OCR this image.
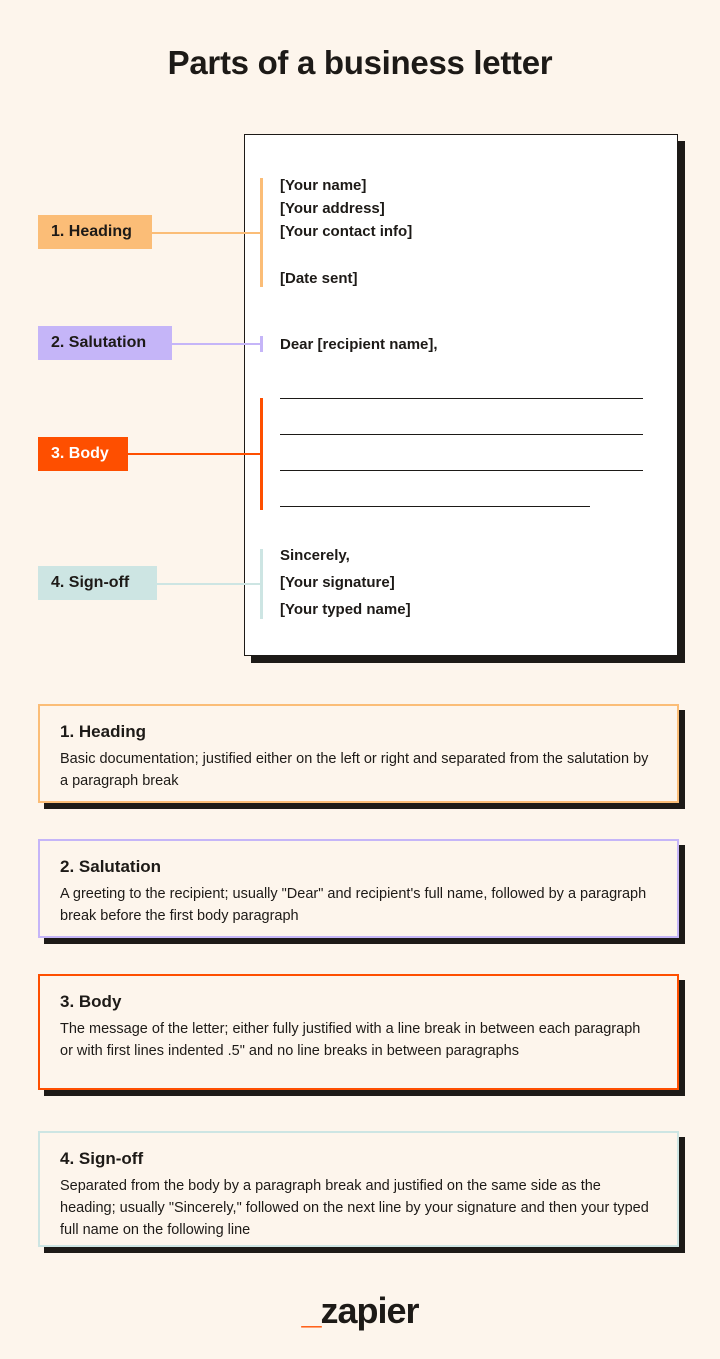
Parts of a business letter
[Your name]
[Your address]
[Your contact info]
[Date sent]
Dear [recipient name],
Sincerely,
[Your signature]
[Your typed name]
1. Heading
2. Salutation
3. Body
4. Sign-off
1. Heading
Basic documentation; justified either on the left or right and separated from the salutation by a paragraph break
2. Salutation
A greeting to the recipient; usually "Dear" and recipient's full name, followed by a paragraph break before the first body paragraph
3. Body
The message of the letter; either fully justified with a line break in between each paragraph or with first lines indented .5" and no line breaks in between paragraphs
4. Sign-off
Separated from the body by a paragraph break and justified on the same side as the heading; usually "Sincerely," followed on the next line by your signature and then your typed full name on the following line
_zapier
